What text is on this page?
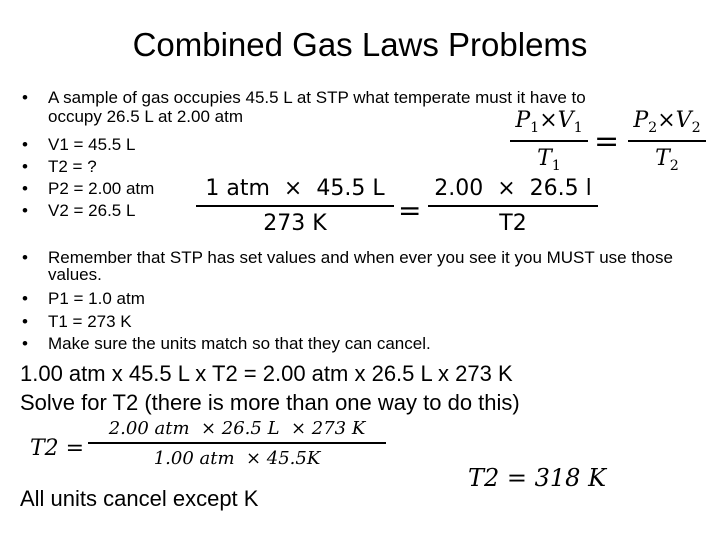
Combined Gas Laws Problems
• A sample of gas occupies 45.5 L at STP what temperate must it have to
occupy 26.5 L at 2.00 atm
• V1 = 45.5 L
• T2 = ?
• P2 = 2.00 atm
• V2 = 26.5 L
$P_1\times V_1$
$T_1$
=
$P_2\times V_2$
$T_2$
1 atm  ×  45.5 L
273 K	=
2.00  ×  26.5 l
T2
• Remember that STP has set values and when ever you see it you MUST use those
values.
• P1 = 1.0 atm
• T1 = 273 K
• Make sure the units match so that they can cancel.
1.00 atm x 45.5 L x T2 = 2.00 atm x 26.5 L x 273 K
Solve for T2 (there is more than one way to do this)
T2 =
2.00 atm  × 26.5 L  × 273 K
1.00 atm  × 45.5K
T2 = 318 K
All units cancel except K
